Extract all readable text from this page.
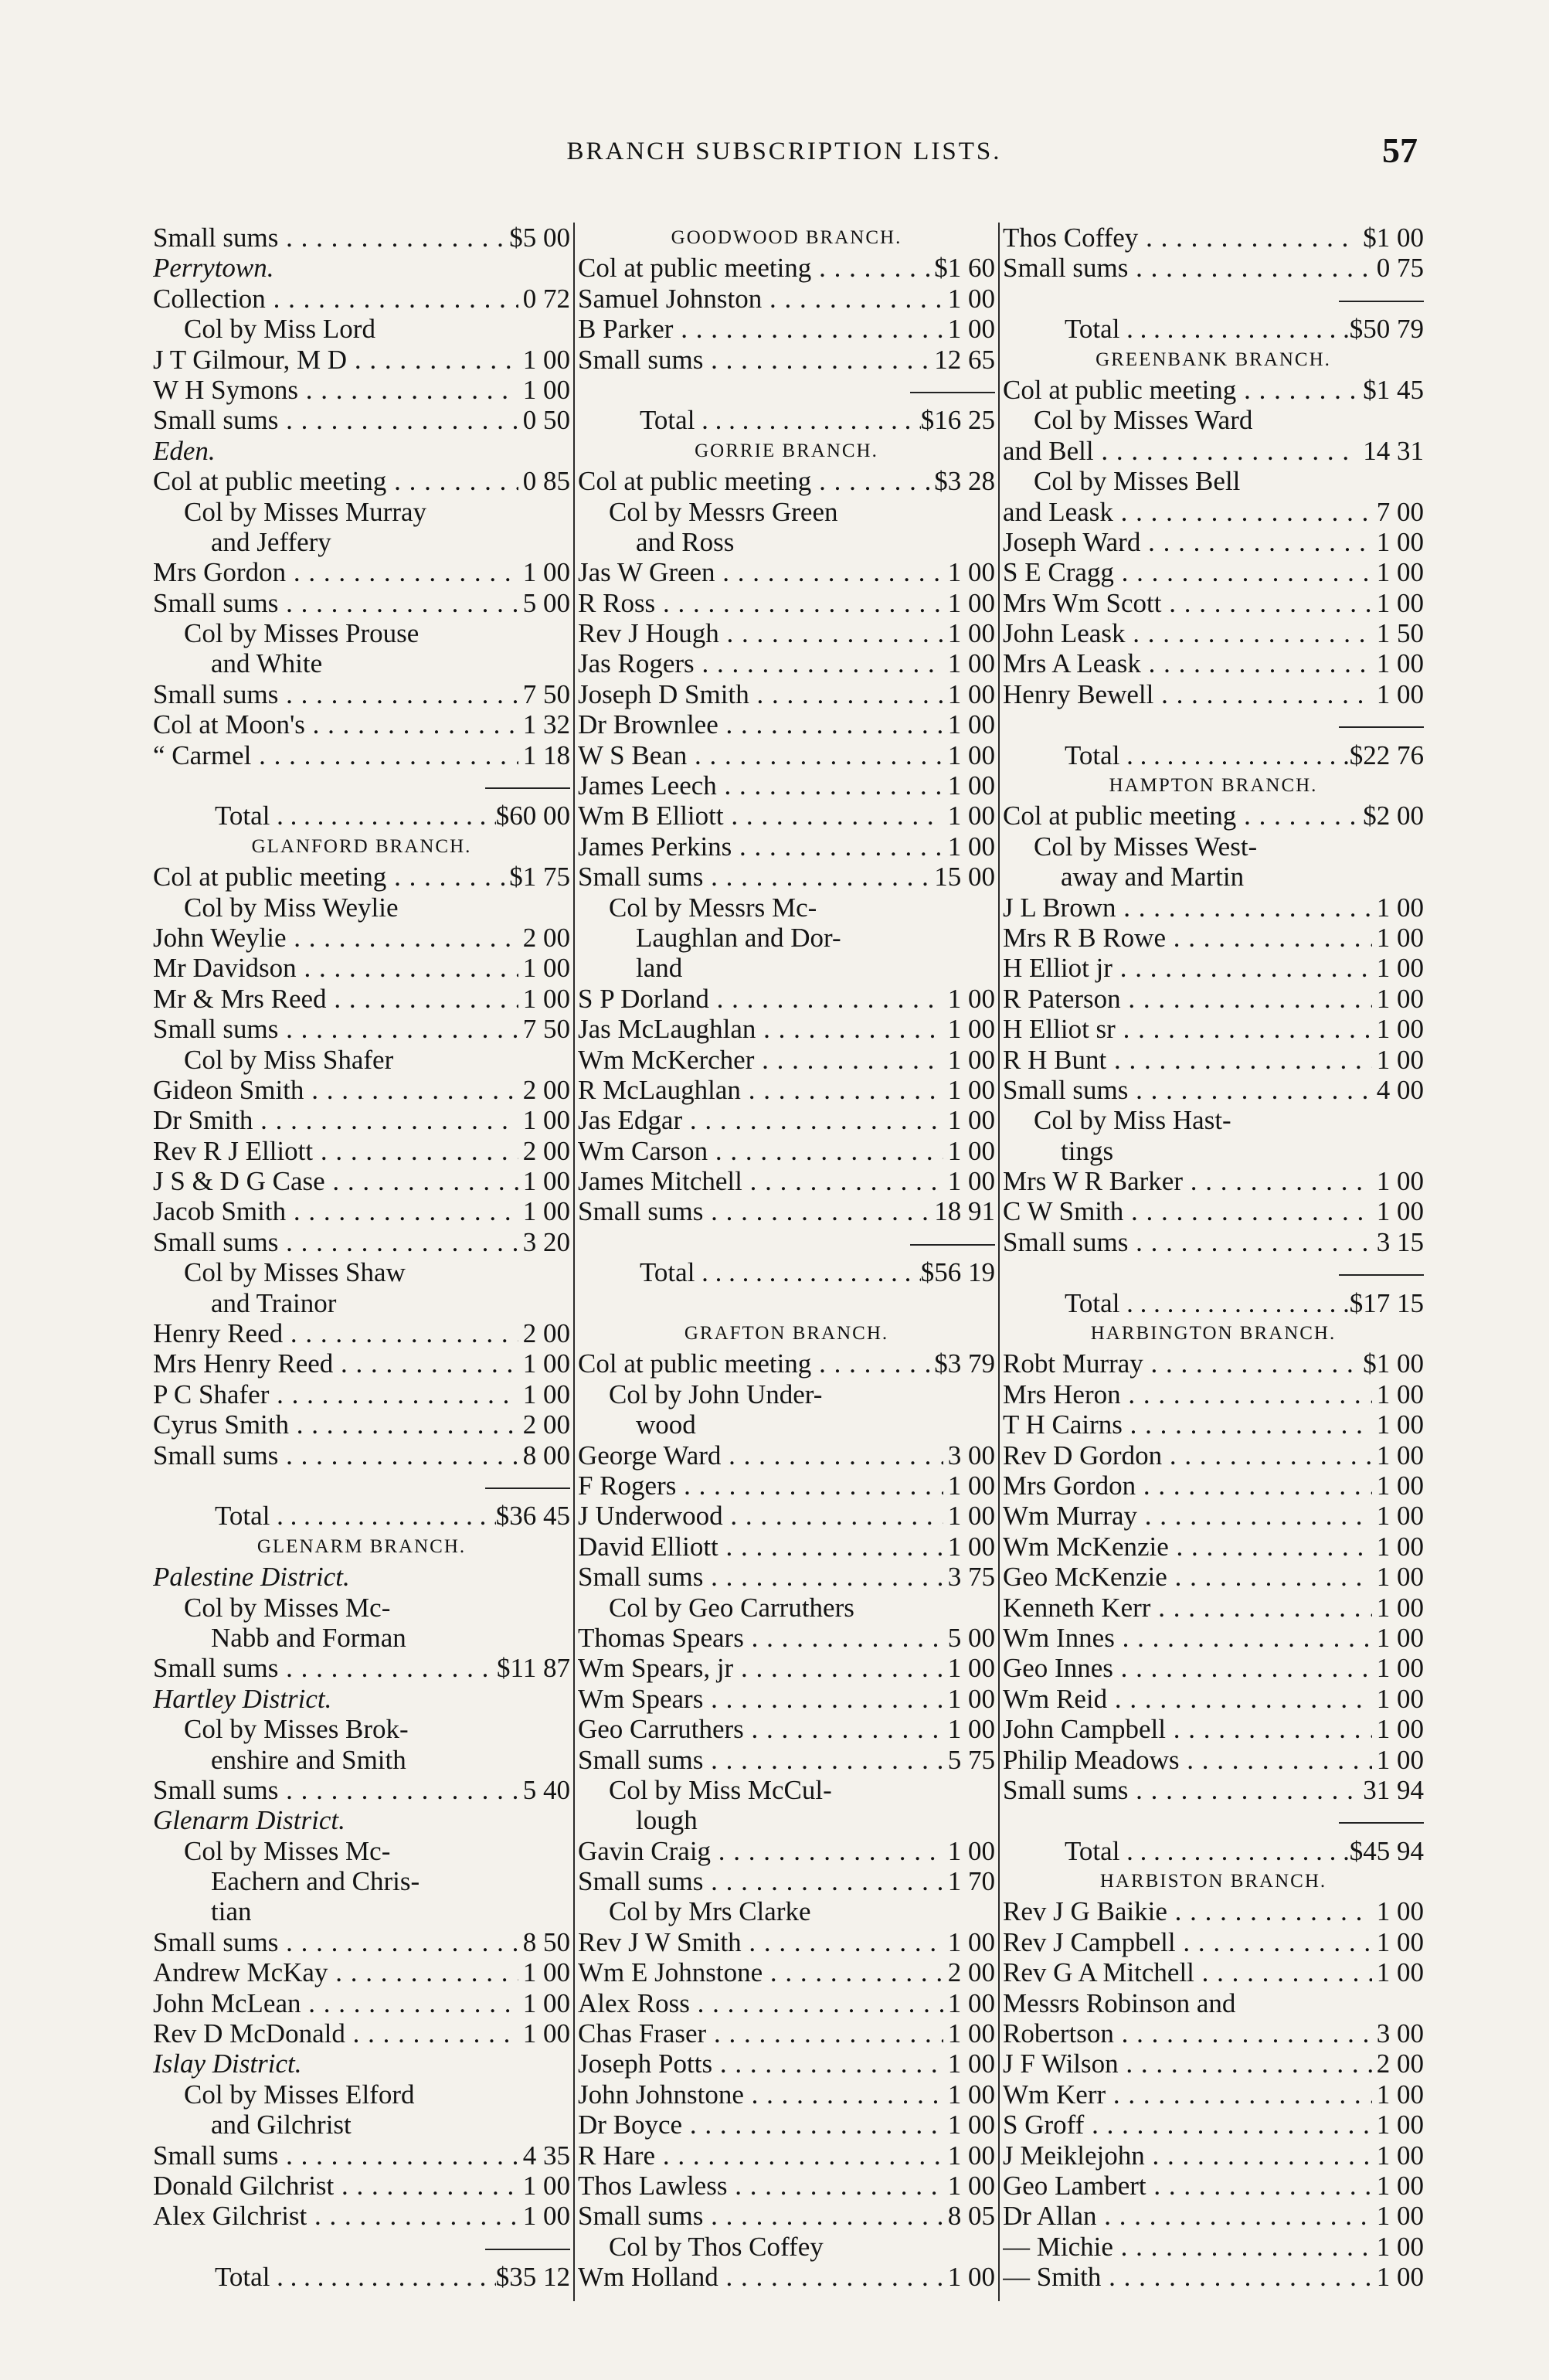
BRANCH SUBSCRIPTION LISTS.	57
Small sums . . .	$5 00
Perrytown.
Collection . . .	0 72
Col by Miss Lord
J T Gilmour, M D . . .	1 00
W H Symons . . .	1 00
Small sums . . .	0 50
Eden.
Col at public meeting . . .	0 85
Col by Misses Murray
and Jeffery
Mrs Gordon . . .	1 00
Small sums . . .	5 00
Col by Misses Prouse
and White
Small sums . . .	7 50
Col at Moon's . . .	1 32
“ Carmel . . .	1 18
Total . . .	$60 00
GLANFORD BRANCH.
Col at public meeting . . .	$1 75
Col by Miss Weylie
John Weylie . . .	2 00
Mr Davidson . . .	1 00
Mr & Mrs Reed . . .	1 00
Small sums . . .	7 50
Col by Miss Shafer
Gideon Smith . . .	2 00
Dr Smith . . .	1 00
Rev R J Elliott . . .	2 00
J S & D G Case . . .	1 00
Jacob Smith . . .	1 00
Small sums . . .	3 20
Col by Misses Shaw
and Trainor
Henry Reed . . .	2 00
Mrs Henry Reed . . .	1 00
P C Shafer . . .	1 00
Cyrus Smith . . .	2 00
Small sums . . .	8 00
Total . . .	$36 45
GLENARM BRANCH.
Palestine District.
Col by Misses Mc-
Nabb and Forman
Small sums . . .	$11 87
Hartley District.
Col by Misses Brok-
enshire and Smith
Small sums . . .	5 40
Glenarm District.
Col by Misses Mc-
Eachern and Chris-
tian
Small sums . . .	8 50
Andrew McKay . . .	1 00
John McLean . . .	1 00
Rev D McDonald . . .	1 00
Islay District.
Col by Misses Elford
and Gilchrist
Small sums . . .	4 35
Donald Gilchrist . . .	1 00
Alex Gilchrist . . .	1 00
Total . . .	$35 12
GOODWOOD BRANCH.
Col at public meeting . . .	$1 60
Samuel Johnston . . .	1 00
B Parker . . .	1 00
Small sums . . .	12 65
Total . . .	$16 25
GORRIE BRANCH.
Col at public meeting . . .	$3 28
Col by Messrs Green
and Ross
Jas W Green . . .	1 00
R Ross . . .	1 00
Rev J Hough . . .	1 00
Jas Rogers . . .	1 00
Joseph D Smith . . .	1 00
Dr Brownlee . . .	1 00
W S Bean . . .	1 00
James Leech . . .	1 00
Wm B Elliott . . .	1 00
James Perkins . . .	1 00
Small sums . . .	15 00
Col by Messrs Mc-
Laughlan and Dor-
land
S P Dorland . . .	1 00
Jas McLaughlan . . .	1 00
Wm McKercher . . .	1 00
R McLaughlan . . .	1 00
Jas Edgar . . .	1 00
Wm Carson . . .	1 00
James Mitchell . . .	1 00
Small sums . . .	18 91
Total . . .	$56 19
GRAFTON BRANCH.
Col at public meeting . . .	$3 79
Col by John Under-
wood
George Ward . . .	3 00
F Rogers . . .	1 00
J Underwood . . .	1 00
David Elliott . . .	1 00
Small sums . . .	3 75
Col by Geo Carruthers
Thomas Spears . . .	5 00
Wm Spears, jr . . .	1 00
Wm Spears . . .	1 00
Geo Carruthers . . .	1 00
Small sums . . .	5 75
Col by Miss McCul-
lough
Gavin Craig . . .	1 00
Small sums . . .	1 70
Col by Mrs Clarke
Rev J W Smith . . .	1 00
Wm E Johnstone . . .	2 00
Alex Ross . . .	1 00
Chas Fraser . . .	1 00
Joseph Potts . . .	1 00
John Johnstone . . .	1 00
Dr Boyce . . .	1 00
R Hare . . .	1 00
Thos Lawless . . .	1 00
Small sums . . .	8 05
Col by Thos Coffey
Wm Holland . . .	1 00
Thos Coffey . . .	$1 00
Small sums . . .	0 75
Total . . .	$50 79
GREENBANK BRANCH.
Col at public meeting . . .	$1 45
Col by Misses Ward
and Bell . . .	14 31
Col by Misses Bell
and Leask . . .	7 00
Joseph Ward . . .	1 00
S E Cragg . . .	1 00
Mrs Wm Scott . . .	1 00
John Leask . . .	1 50
Mrs A Leask . . .	1 00
Henry Bewell . . .	1 00
Total . . .	$22 76
HAMPTON BRANCH.
Col at public meeting . . .	$2 00
Col by Misses West-
away and Martin
J L Brown . . .	1 00
Mrs R B Rowe . . .	1 00
H Elliot jr . . .	1 00
R Paterson . . .	1 00
H Elliot sr . . .	1 00
R H Bunt . . .	1 00
Small sums . . .	4 00
Col by Miss Hast-
tings
Mrs W R Barker . . .	1 00
C W Smith . . .	1 00
Small sums . . .	3 15
Total . . .	$17 15
HARBINGTON BRANCH.
Robt Murray . . .	$1 00
Mrs Heron . . .	1 00
T H Cairns . . .	1 00
Rev D Gordon . . .	1 00
Mrs Gordon . . .	1 00
Wm Murray . . .	1 00
Wm McKenzie . . .	1 00
Geo McKenzie . . .	1 00
Kenneth Kerr . . .	1 00
Wm Innes . . .	1 00
Geo Innes . . .	1 00
Wm Reid . . .	1 00
John Campbell . . .	1 00
Philip Meadows . . .	1 00
Small sums . . .	31 94
Total . . .	$45 94
HARBISTON BRANCH.
Rev J G Baikie . . .	1 00
Rev J Campbell . . .	1 00
Rev G A Mitchell . . .	1 00
Messrs Robinson and
Robertson . . .	3 00
J F Wilson . . .	2 00
Wm Kerr . . .	1 00
S Groff . . .	1 00
J Meiklejohn . . .	1 00
Geo Lambert . . .	1 00
Dr Allan . . .	1 00
— Michie . . .	1 00
— Smith . . .	1 00
